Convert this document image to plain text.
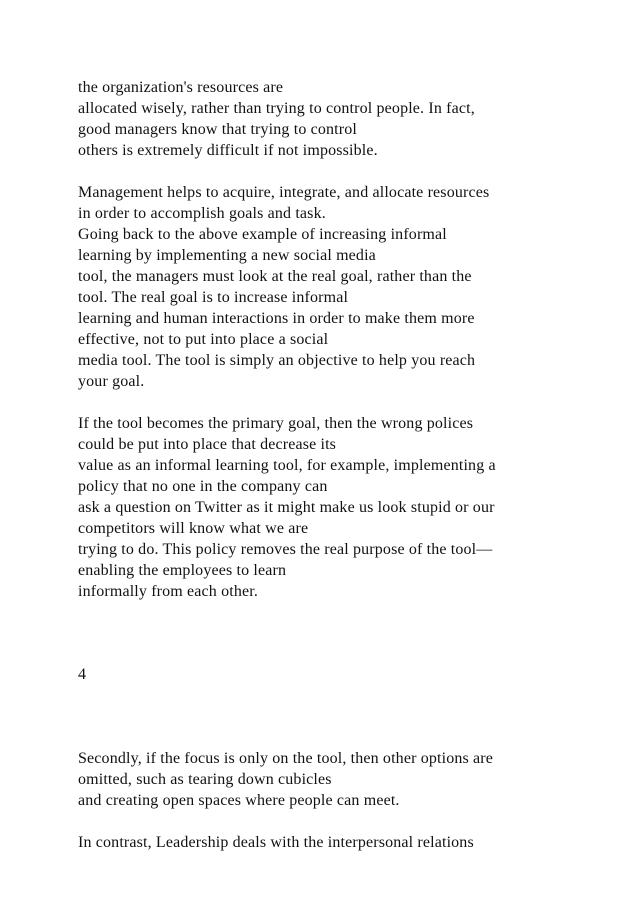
the organization's resources are
allocated wisely, rather than trying to control people. In fact,
good managers know that trying to control
others is extremely difficult if not impossible.
Management helps to acquire, integrate, and allocate resources
in order to accomplish goals and task.
Going back to the above example of increasing informal
learning by implementing a new social media
tool, the managers must look at the real goal, rather than the
tool. The real goal is to increase informal
learning and human interactions in order to make them more
effective, not to put into place a social
media tool. The tool is simply an objective to help you reach
your goal.
If the tool becomes the primary goal, then the wrong polices
could be put into place that decrease its
value as an informal learning tool, for example, implementing a
policy that no one in the company can
ask a question on Twitter as it might make us look stupid or our
competitors will know what we are
trying to do. This policy removes the real purpose of the tool—
enabling the employees to learn
informally from each other.
4
Secondly, if the focus is only on the tool, then other options are
omitted, such as tearing down cubicles
and creating open spaces where people can meet.
In contrast, Leadership deals with the interpersonal relations
